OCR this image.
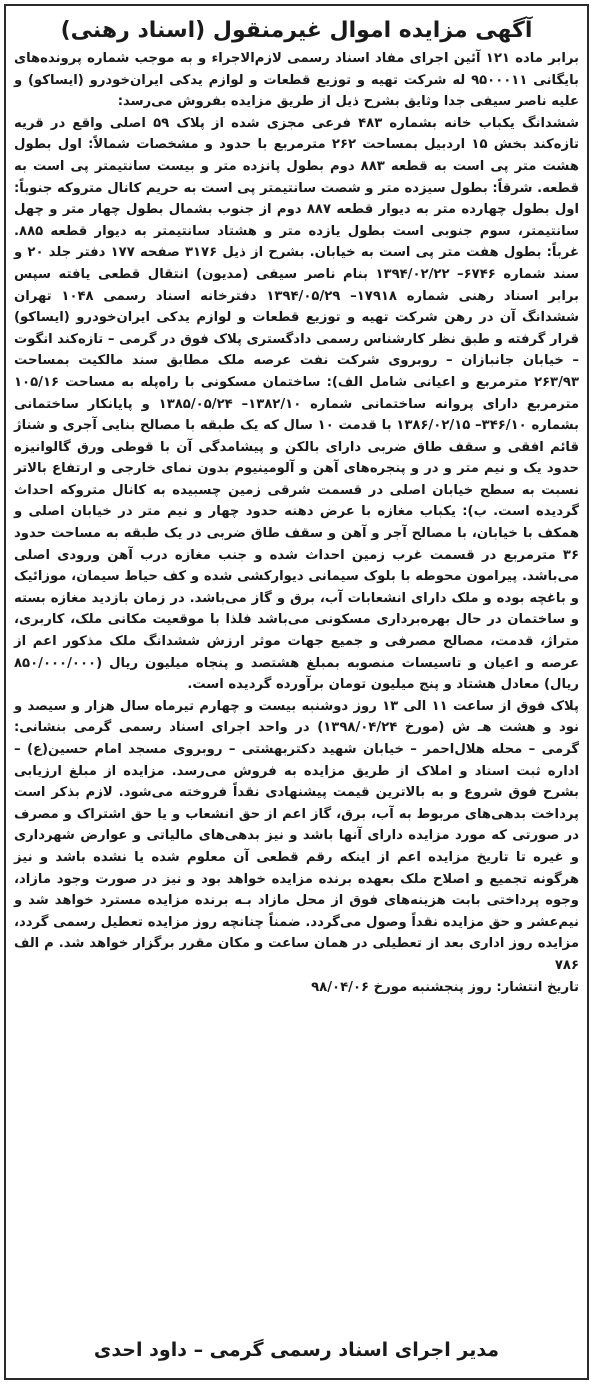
آگهی مزایده اموال غیرمنقول (اسناد رهنی)

برابر ماده ۱۲۱ آئین اجرای مفاد اسناد رسمی لازم‌الاجراء و به موجب شماره پرونده‌های بایگانی ۹۵۰۰۰۱۱ له شرکت تهیه و توزیع قطعات و لوازم یدکی ایران‌خودرو (ایساکو) و علیه ناصر سیفی جدا وثایق بشرح ذیل از طریق مزایده بفروش می‌رسد:

ششدانگ یکباب خانه بشماره ۴۸۳ فرعی مجزی شده از پلاک ۵۹ اصلی واقع در قریه تازه‌کند بخش ۱۵ اردبیل بمساحت ۲۶۲ مترمربع با حدود و مشخصات شمالاً: اول بطول هشت متر پی است به قطعه ۸۸۳ دوم بطول پانزده متر و بیست سانتیمتر پی است به قطعه. شرقاً: بطول سیزده متر و شصت سانتیمتر پی است به حریم کانال متروکه جنوباً: اول بطول چهارده متر به دیوار قطعه ۸۸۷ دوم از جنوب بشمال بطول چهار متر و چهل سانتیمتر، سوم جنوبی است بطول یازده متر و هشتاد سانتیمتر به دیوار قطعه ۸۸۵. غرباً: بطول هفت متر پی است به خیابان. بشرح از ذیل ۳۱۷۶ صفحه ۱۷۷ دفتر جلد ۲۰ و سند شماره ۶۷۴۶– ۱۳۹۴/۰۲/۲۲ بنام ناصر سیفی (مدیون) انتقال قطعی یافته سپس برابر اسناد رهنی شماره ۱۷۹۱۸– ۱۳۹۴/۰۵/۲۹ دفترخانه اسناد رسمی ۱۰۴۸ تهران ششدانگ آن در رهن شرکت تهیه و توزیع قطعات و لوازم یدکی ایران‌خودرو (ایساکو) قرار گرفته و طبق نظر کارشناس رسمی دادگستری پلاک فوق در گرمی – تازه‌کند انگوت – خیابان جانبازان – روبروی شرکت نفت عرصه ملک مطابق سند مالکیت بمساحت ۲۶۳/۹۳ مترمربع و اعیانی شامل الف): ساختمان مسکونی با راه‌پله به مساحت ۱۰۵/۱۶ مترمربع دارای پروانه ساختمانی شماره ۱۳۸۲/۱۰– ۱۳۸۵/۰۵/۲۴ و پایانکار ساختمانی بشماره ۳۴۶/۱۰– ۱۳۸۶/۰۲/۱۵ با قدمت ۱۰ سال که یک طبقه با مصالح بنایی آجری و شناژ قائم افقی و سقف طاق ضربی دارای بالکن و پیشامدگی آن با قوطی ورق گالوانیزه حدود یک و نیم متر و در و پنجره‌های آهن و آلومینیوم بدون نمای خارجی و ارتفاع بالاتر نسبت به سطح خیابان اصلی در قسمت شرقی زمین چسبیده به کانال متروکه احداث گردیده است. ب): یکباب مغازه با عرض دهنه حدود چهار و نیم متر در خیابان اصلی و همکف با خیابان، با مصالح آجر و آهن و سقف طاق ضربی در یک طبقه به مساحت حدود ۳۶ مترمربع در قسمت غرب زمین احداث شده و جنب مغازه درب آهن ورودی اصلی می‌باشد. پیرامون محوطه با بلوک سیمانی دیوارکشی شده و کف حیاط سیمان، موزائیک و باغچه بوده و ملک دارای انشعابات آب، برق و گاز می‌باشد. در زمان بازدید مغازه بسته و ساختمان در حال بهره‌برداری مسکونی می‌باشد فلذا با موقعیت مکانی ملک، کاربری، متراژ، قدمت، مصالح مصرفی و جمیع جهات موثر ارزش ششدانگ ملک مذکور اعم از عرصه و اعیان و تاسیسات منصوبه بمبلغ هشتصد و پنجاه میلیون ریال (۸۵۰/۰۰۰/۰۰۰ ریال) معادل هشتاد و پنج میلیون تومان برآورده گردیده است.

پلاک فوق از ساعت ۱۱ الی ۱۳ روز دوشنبه بیست و چهارم تیرماه سال هزار و سیصد و نود و هشت هـ ش (مورخ ۱۳۹۸/۰۴/۲۴) در واحد اجرای اسناد رسمی گرمی بنشانی: گرمی – محله هلال‌احمر – خیابان شهید دکتربهشتی – روبروی مسجد امام حسین(ع) – اداره ثبت اسناد و املاک از طریق مزایده به فروش می‌رسد. مزایده از مبلغ ارزیابی بشرح فوق شروع و به بالاترین قیمت پیشنهادی نقداً فروخته می‌شود. لازم بذکر است پرداخت بدهی‌های مربوط به آب، برق، گاز اعم از حق انشعاب و یا حق اشتراک و مصرف در صورتی که مورد مزایده دارای آنها باشد و نیز بدهی‌های مالیاتی و عوارض شهرداری و غیره تا تاریخ مزایده اعم از اینکه رقم قطعی آن معلوم شده یا نشده باشد و نیز هرگونه تجمیع و اصلاح ملک بعهده برنده مزایده خواهد بود و نیز در صورت وجود مازاد، وجوه پرداختی بابت هزینه‌های فوق از محل مازاد بـه برنده مزایده مسترد خواهد شد و نیم‌عشر و حق مزایده نقداً وصول می‌گردد. ضمناً چنانچه روز مزایده تعطیل رسمی گردد، مزایده روز اداری بعد از تعطیلی در همان ساعت و مکان مقرر برگزار خواهد شد. م الف ۷۸۶

تاریخ انتشار: روز پنجشنبه مورخ ۹۸/۰۴/۰۶

مدیر اجرای اسناد رسمی گرمی – داود احدی
